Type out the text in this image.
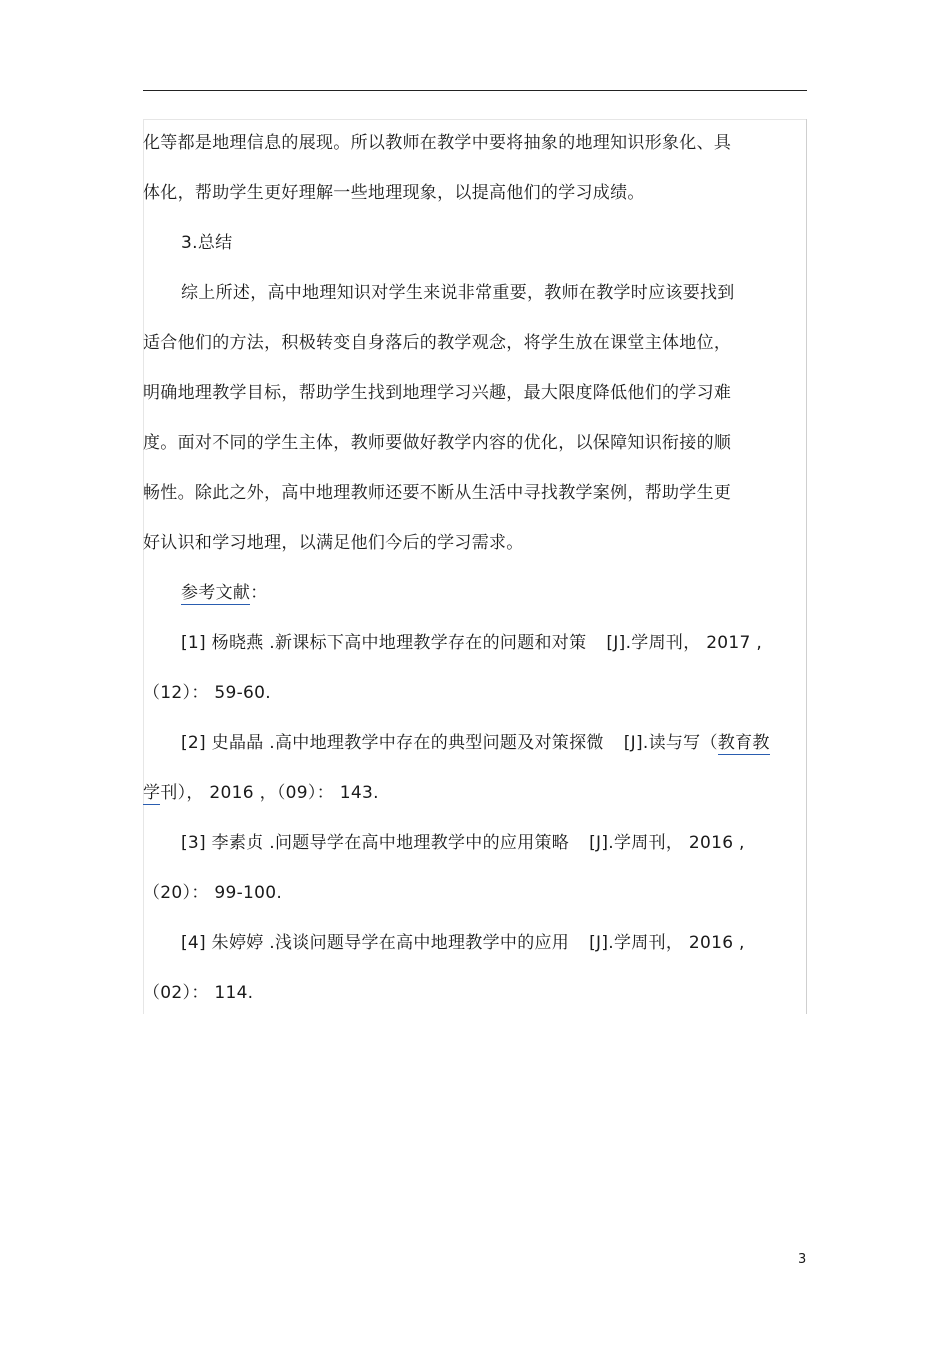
化等都是地理信息的展现。所以教师在教学中要将抽象的地理知识形象化、具
体化，帮助学生更好理解一些地理现象，以提高他们的学习成绩。
3.总结
综上所述，高中地理知识对学生来说非常重要，教师在教学时应该要找到
适合他们的方法，积极转变自身落后的教学观念，将学生放在课堂主体地位，
明确地理教学目标，帮助学生找到地理学习兴趣，最大限度降低他们的学习难
度。面对不同的学生主体，教师要做好教学内容的优化，以保障知识衔接的顺
畅性。除此之外，高中地理教师还要不断从生活中寻找教学案例，帮助学生更
好认识和学习地理，以满足他们今后的学习需求。
参考文献：
[1] 杨晓燕 .新课标下高中地理教学存在的问题和对策 [J].学周刊， 2017 ,
（12）： 59-60.
[2] 史晶晶 .高中地理教学中存在的典型问题及对策探微 [J].读与写（教育教
学刊）， 2016 ，（09）： 143.
[3] 李素贞 .问题导学在高中地理教学中的应用策略 [J].学周刊， 2016 ,
（20）： 99-100.
[4] 朱婷婷 .浅谈问题导学在高中地理教学中的应用 [J].学周刊， 2016 ,
（02）： 114.
3
